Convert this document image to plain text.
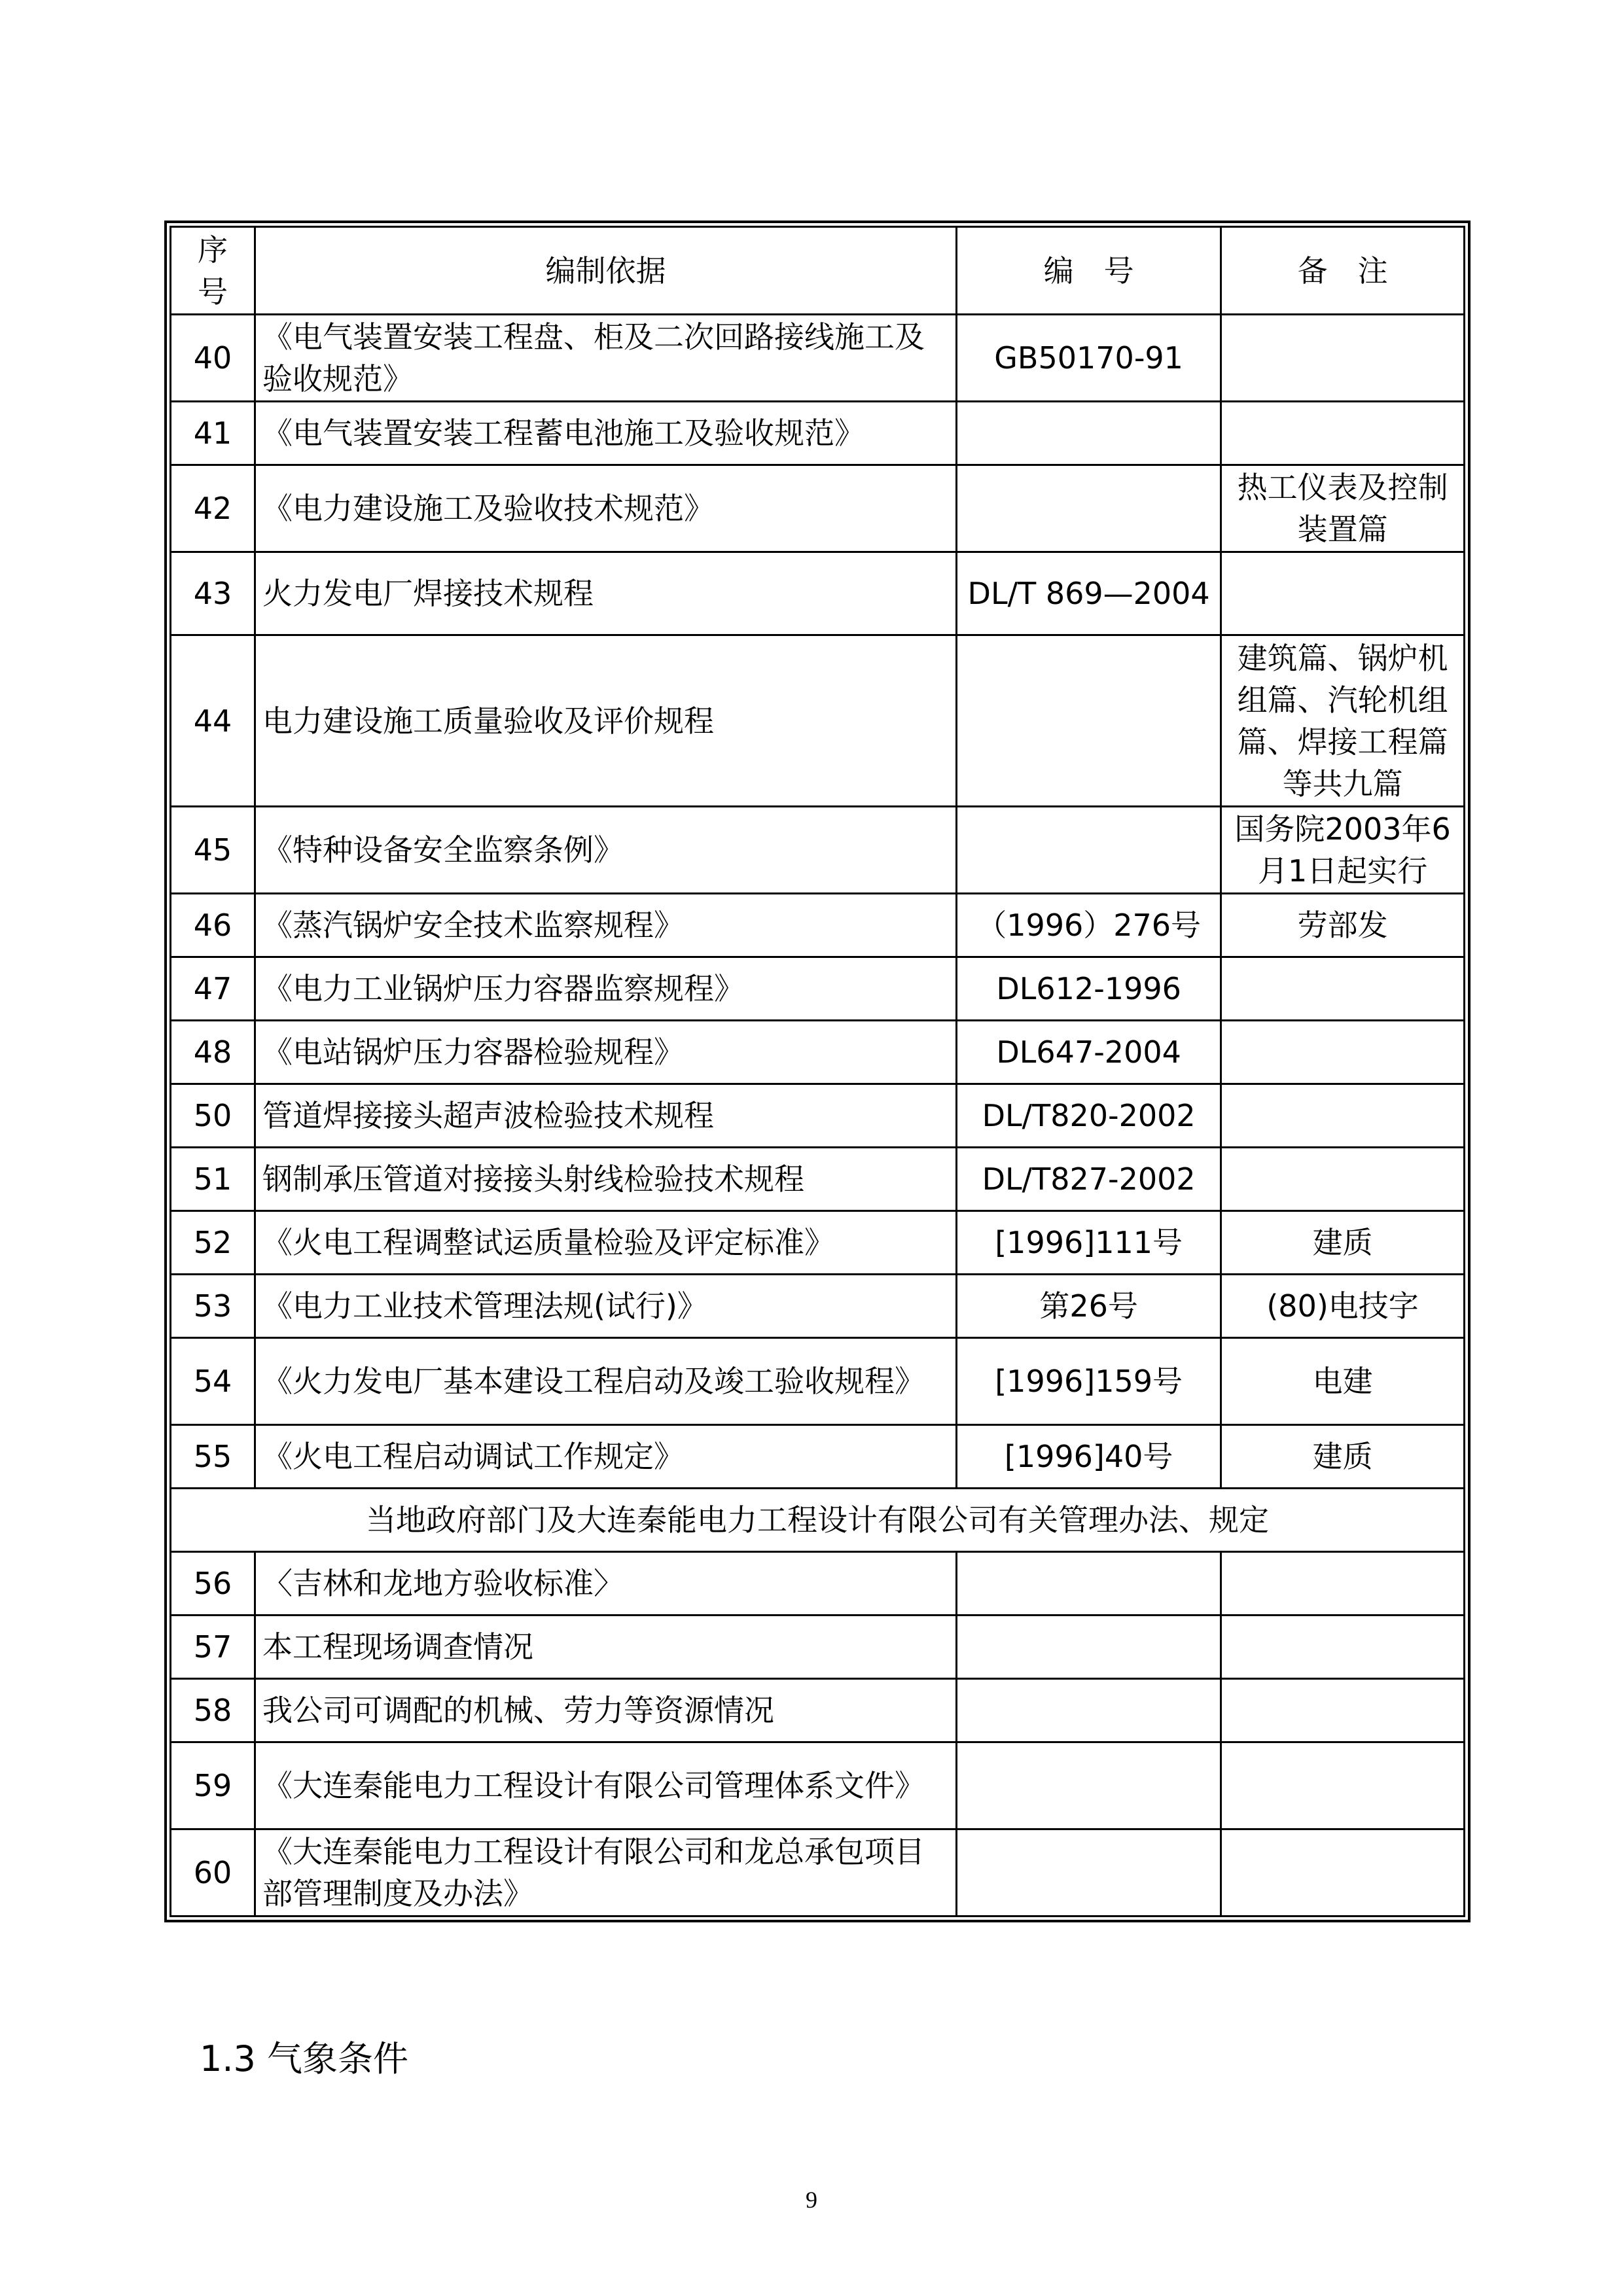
序号	编制依据	编　号	备　注
40	《电气装置安装工程盘、柜及二次回路接线施工及验收规范》	GB50170-91	
41	《电气装置安装工程蓄电池施工及验收规范》		
42	《电力建设施工及验收技术规范》		热工仪表及控制装置篇
43	火力发电厂焊接技术规程	DL/T 869—2004	
44	电力建设施工质量验收及评价规程		建筑篇、锅炉机组篇、汽轮机组篇、焊接工程篇等共九篇
45	《特种设备安全监察条例》		国务院2003年6月1日起实行
46	《蒸汽锅炉安全技术监察规程》	（1996）276号	劳部发
47	《电力工业锅炉压力容器监察规程》	DL612-1996	
48	《电站锅炉压力容器检验规程》	DL647-2004	
50	管道焊接接头超声波检验技术规程	DL/T820-2002	
51	钢制承压管道对接接头射线检验技术规程	DL/T827-2002	
52	《火电工程调整试运质量检验及评定标准》	[1996]111号	建质
53	《电力工业技术管理法规(试行)》	第26号	(80)电技字
54	《火力发电厂基本建设工程启动及竣工验收规程》	[1996]159号	电建
55	《火电工程启动调试工作规定》	[1996]40号	建质
当地政府部门及大连秦能电力工程设计有限公司有关管理办法、规定			
56	〈吉林和龙地方验收标准〉		
57	本工程现场调查情况		
58	我公司可调配的机械、劳力等资源情况		
59	《大连秦能电力工程设计有限公司管理体系文件》		
60	《大连秦能电力工程设计有限公司和龙总承包项目部管理制度及办法》		
1.3 气象条件
9
